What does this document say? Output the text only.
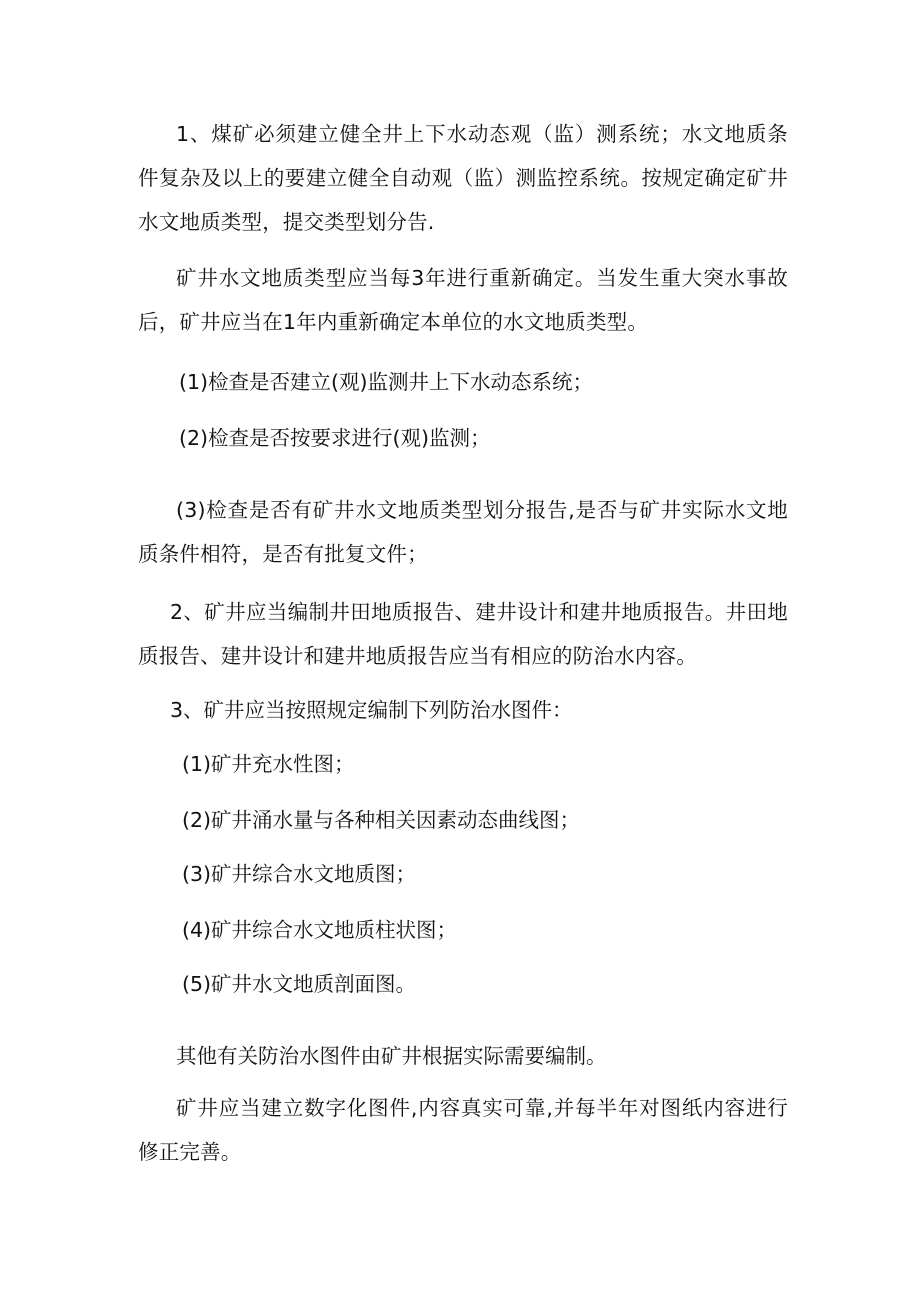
1、煤矿必须建立健全井上下水动态观（监）测系统；水文地质条件复杂及以上的要建立健全自动观（监）测监控系统。按规定确定矿井水文地质类型，提交类型划分告.

矿井水文地质类型应当每3年进行重新确定。当发生重大突水事故后，矿井应当在1年内重新确定本单位的水文地质类型。

(1)检查是否建立(观)监测井上下水动态系统；

(2)检查是否按要求进行(观)监测；

(3)检查是否有矿井水文地质类型划分报告,是否与矿井实际水文地质条件相符，是否有批复文件；

2、矿井应当编制井田地质报告、建井设计和建井地质报告。井田地质报告、建井设计和建井地质报告应当有相应的防治水内容。

3、矿井应当按照规定编制下列防治水图件：

(1)矿井充水性图；

(2)矿井涌水量与各种相关因素动态曲线图；

(3)矿井综合水文地质图；

(4)矿井综合水文地质柱状图；

(5)矿井水文地质剖面图。

其他有关防治水图件由矿井根据实际需要编制。

矿井应当建立数字化图件,内容真实可靠,并每半年对图纸内容进行修正完善。
